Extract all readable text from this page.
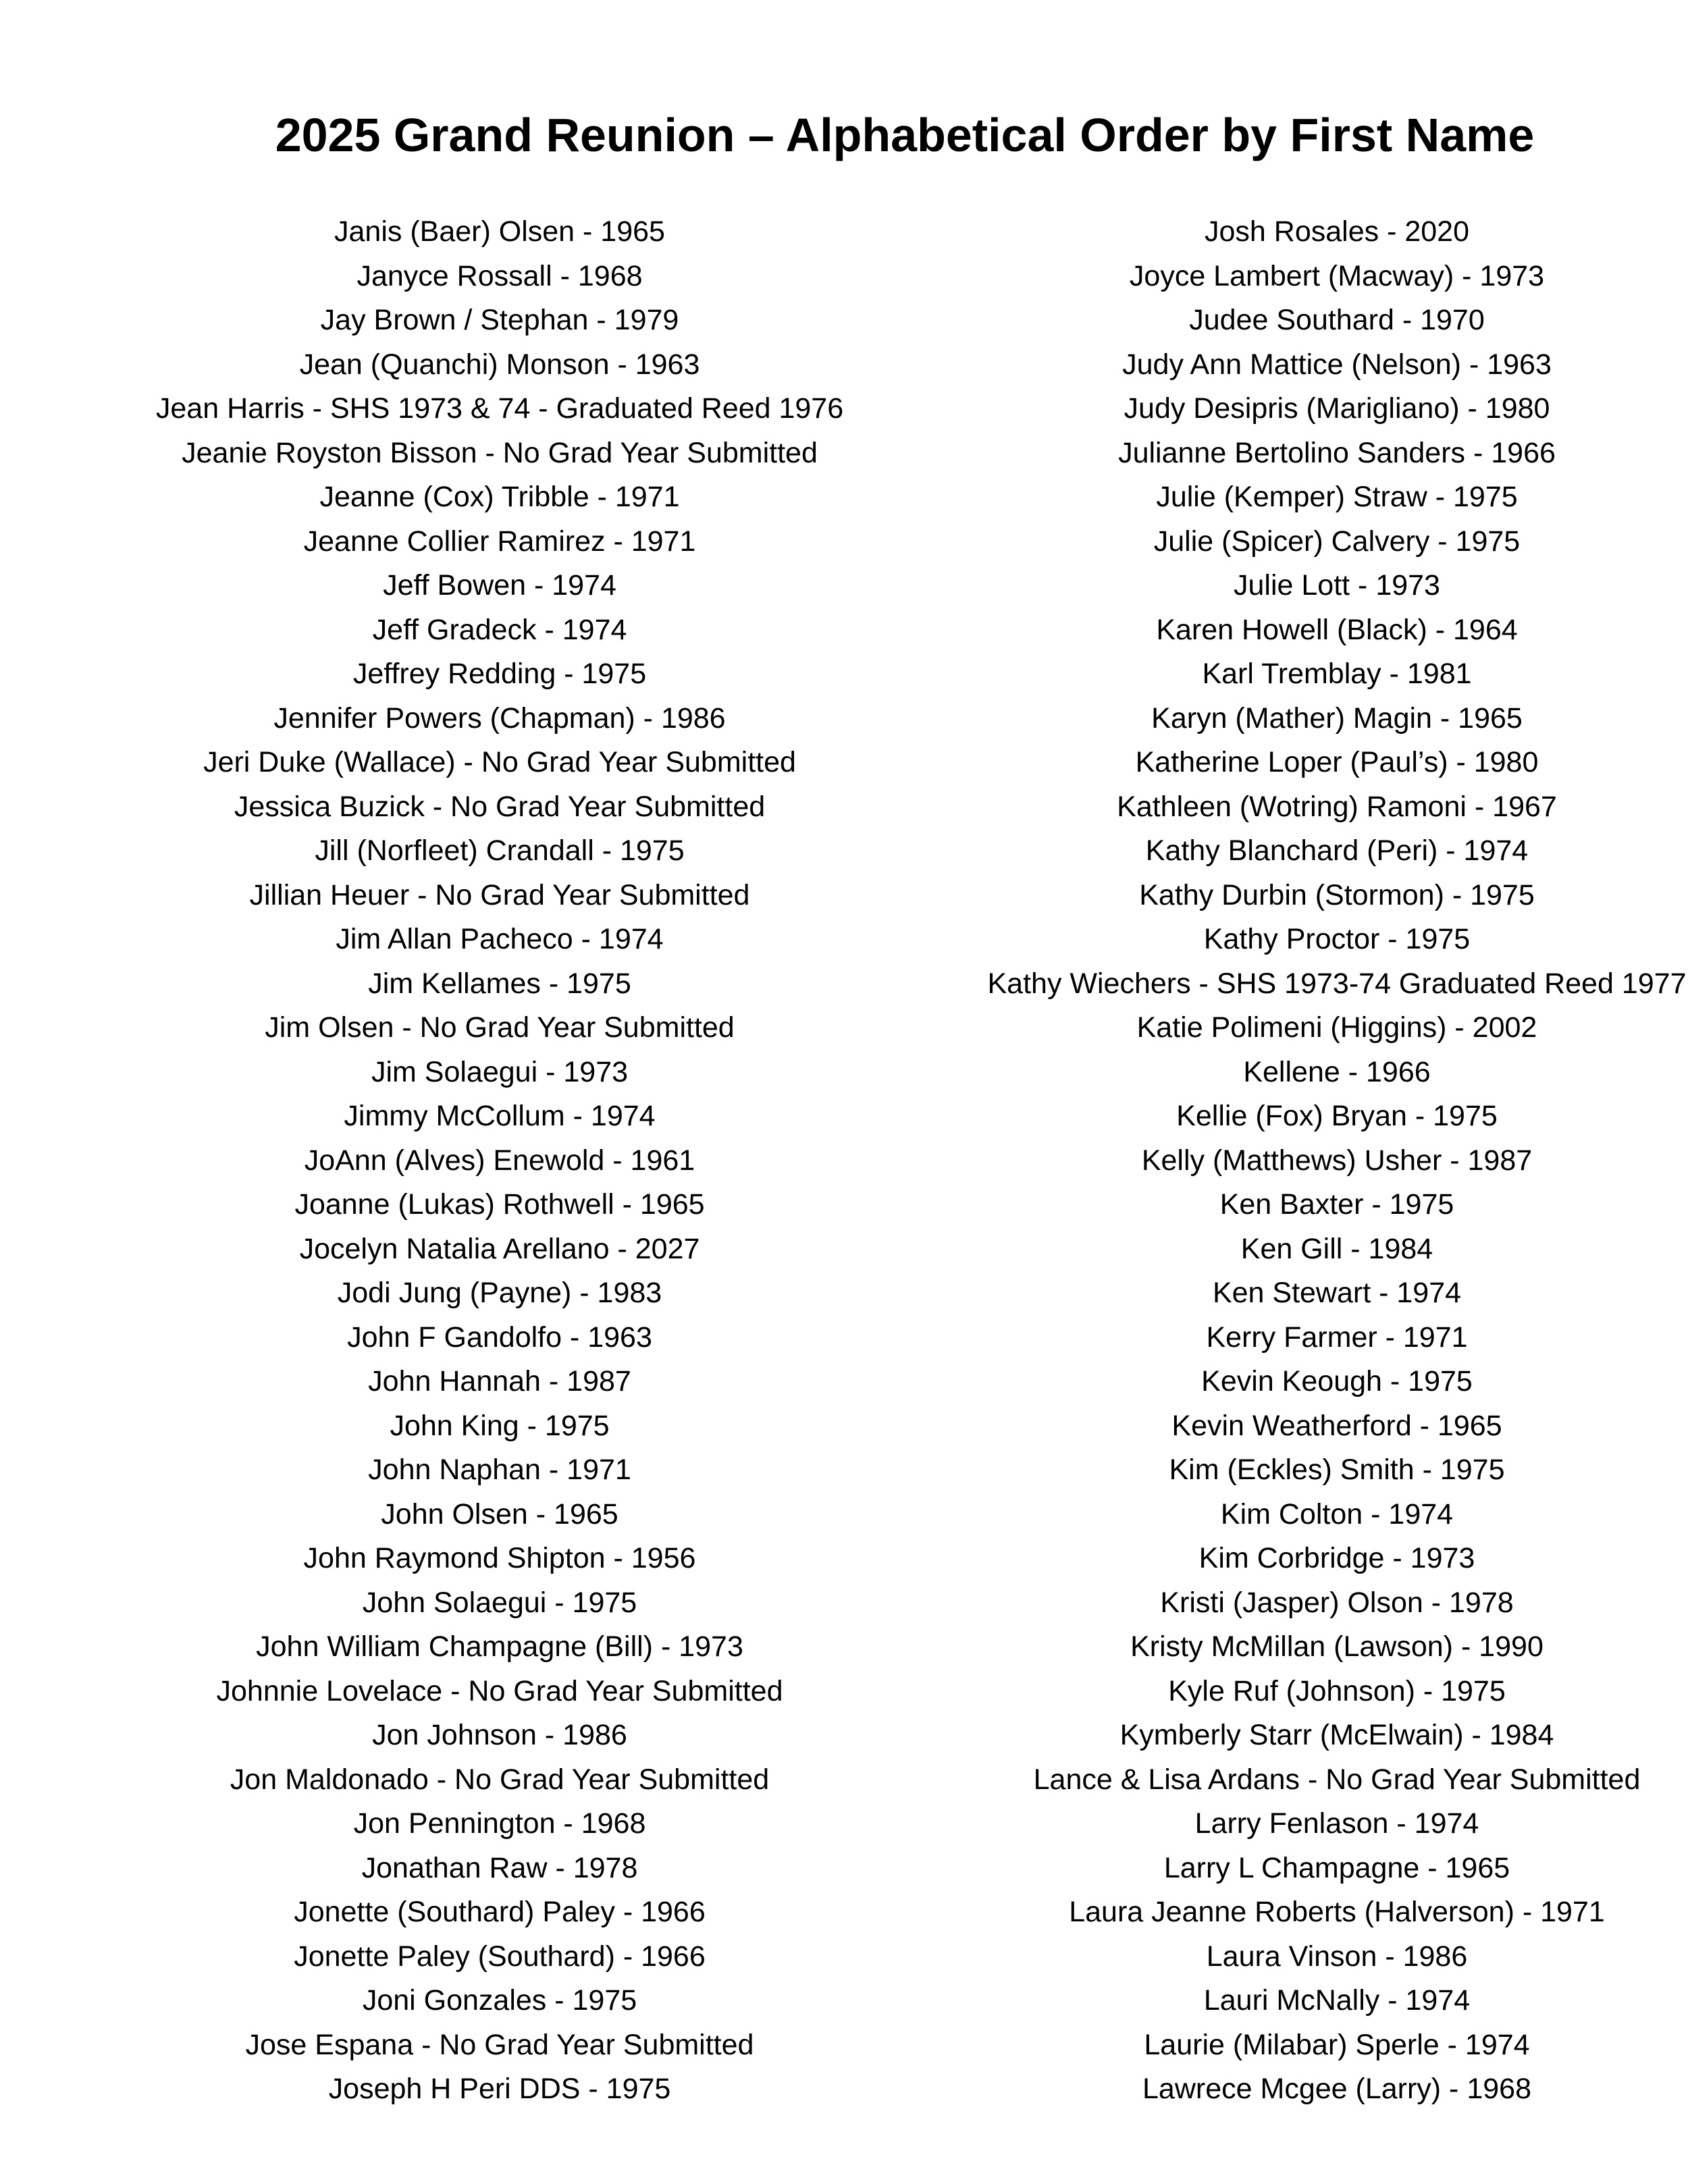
2025 Grand Reunion – Alphabetical Order by First Name
Janis (Baer) Olsen - 1965
Janyce Rossall - 1968
Jay Brown / Stephan - 1979
Jean (Quanchi) Monson - 1963
Jean Harris - SHS 1973 & 74 - Graduated Reed 1976
Jeanie Royston Bisson - No Grad Year Submitted
Jeanne (Cox) Tribble - 1971
Jeanne Collier Ramirez - 1971
Jeff Bowen - 1974
Jeff Gradeck - 1974
Jeffrey Redding - 1975
Jennifer Powers (Chapman) - 1986
Jeri Duke (Wallace) - No Grad Year Submitted
Jessica Buzick - No Grad Year Submitted
Jill (Norfleet) Crandall - 1975
Jillian Heuer - No Grad Year Submitted
Jim Allan Pacheco - 1974
Jim Kellames - 1975
Jim Olsen - No Grad Year Submitted
Jim Solaegui - 1973
Jimmy McCollum - 1974
JoAnn (Alves) Enewold - 1961
Joanne (Lukas) Rothwell - 1965
Jocelyn Natalia Arellano - 2027
Jodi Jung (Payne) - 1983
John F Gandolfo - 1963
John Hannah - 1987
John King - 1975
John Naphan - 1971
John Olsen - 1965
John Raymond Shipton - 1956
John Solaegui - 1975
John William Champagne (Bill) - 1973
Johnnie Lovelace - No Grad Year Submitted
Jon Johnson - 1986
Jon Maldonado - No Grad Year Submitted
Jon Pennington - 1968
Jonathan Raw - 1978
Jonette (Southard) Paley - 1966
Jonette Paley (Southard) - 1966
Joni Gonzales - 1975
Jose Espana - No Grad Year Submitted
Joseph H Peri DDS - 1975
Josh Rosales - 2020
Joyce Lambert (Macway) - 1973
Judee Southard - 1970
Judy Ann Mattice (Nelson) - 1963
Judy Desipris (Marigliano) - 1980
Julianne Bertolino Sanders - 1966
Julie (Kemper) Straw - 1975
Julie (Spicer) Calvery - 1975
Julie Lott - 1973
Karen Howell (Black) - 1964
Karl Tremblay - 1981
Karyn (Mather) Magin - 1965
Katherine Loper (Paul’s) - 1980
Kathleen (Wotring) Ramoni - 1967
Kathy Blanchard (Peri) - 1974
Kathy Durbin (Stormon) - 1975
Kathy Proctor - 1975
Kathy Wiechers - SHS 1973-74 Graduated Reed 1977
Katie Polimeni (Higgins) - 2002
Kellene - 1966
Kellie (Fox) Bryan - 1975
Kelly (Matthews) Usher - 1987
Ken Baxter - 1975
Ken Gill - 1984
Ken Stewart - 1974
Kerry Farmer - 1971
Kevin Keough - 1975
Kevin Weatherford - 1965
Kim (Eckles) Smith - 1975
Kim Colton - 1974
Kim Corbridge - 1973
Kristi (Jasper) Olson - 1978
Kristy McMillan (Lawson) - 1990
Kyle Ruf (Johnson) - 1975
Kymberly Starr (McElwain) - 1984
Lance & Lisa Ardans - No Grad Year Submitted
Larry Fenlason - 1974
Larry L Champagne - 1965
Laura Jeanne Roberts (Halverson) - 1971
Laura Vinson - 1986
Lauri McNally - 1974
Laurie (Milabar) Sperle - 1974
Lawrece Mcgee (Larry) - 1968
